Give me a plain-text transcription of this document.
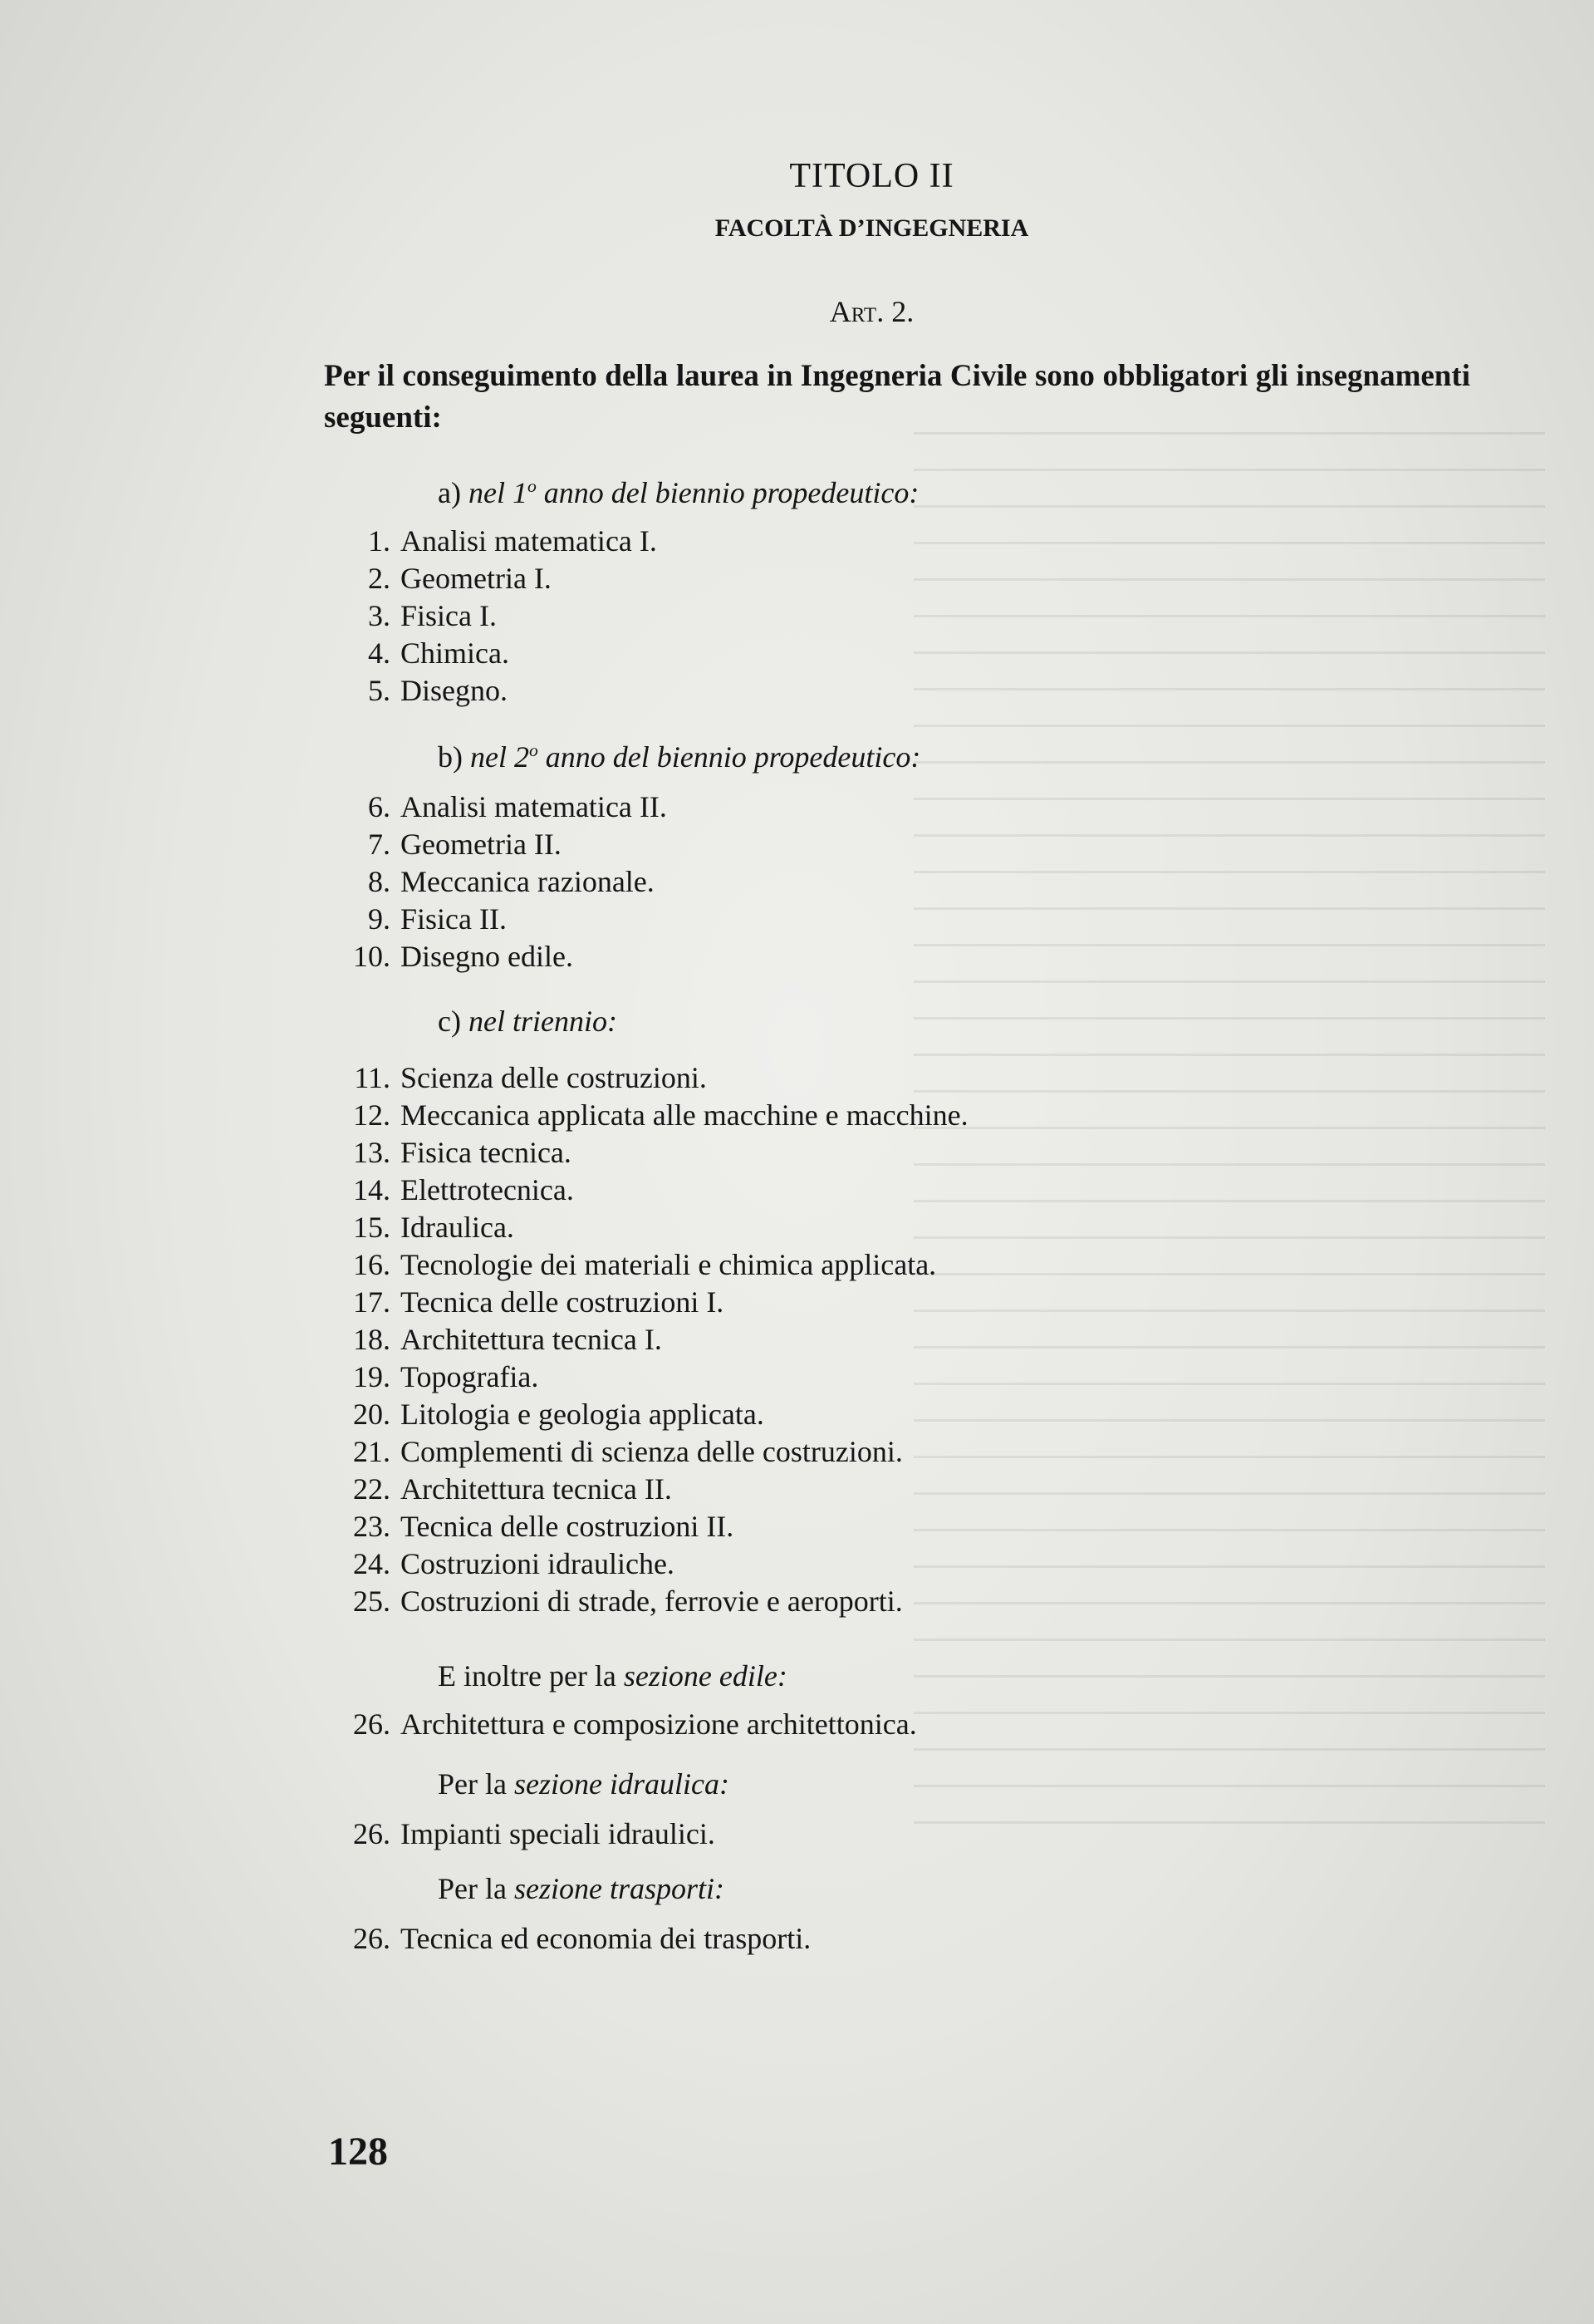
TITOLO II
FACOLTÀ D’INGEGNERIA
Art. 2.
Per il conseguimento della laurea in Ingegneria Civile sono obbligatori gli insegnamenti seguenti:
a) nel 1$^o$ anno del biennio propedeutico:
1. Analisi matematica I.
2. Geometria I.
3. Fisica I.
4. Chimica.
5. Disegno.
b) nel 2$^o$ anno del biennio propedeutico:
6. Analisi matematica II.
7. Geometria II.
8. Meccanica razionale.
9. Fisica II.
10. Disegno edile.
c) nel triennio:
11. Scienza delle costruzioni.
12. Meccanica applicata alle macchine e macchine.
13. Fisica tecnica.
14. Elettrotecnica.
15. Idraulica.
16. Tecnologie dei materiali e chimica applicata.
17. Tecnica delle costruzioni I.
18. Architettura tecnica I.
19. Topografia.
20. Litologia e geologia applicata.
21. Complementi di scienza delle costruzioni.
22. Architettura tecnica II.
23. Tecnica delle costruzioni II.
24. Costruzioni idrauliche.
25. Costruzioni di strade, ferrovie e aeroporti.
E inoltre per la sezione edile:
26. Architettura e composizione architettonica.
Per la sezione idraulica:
26. Impianti speciali idraulici.
Per la sezione trasporti:
26. Tecnica ed economia dei trasporti.
128
